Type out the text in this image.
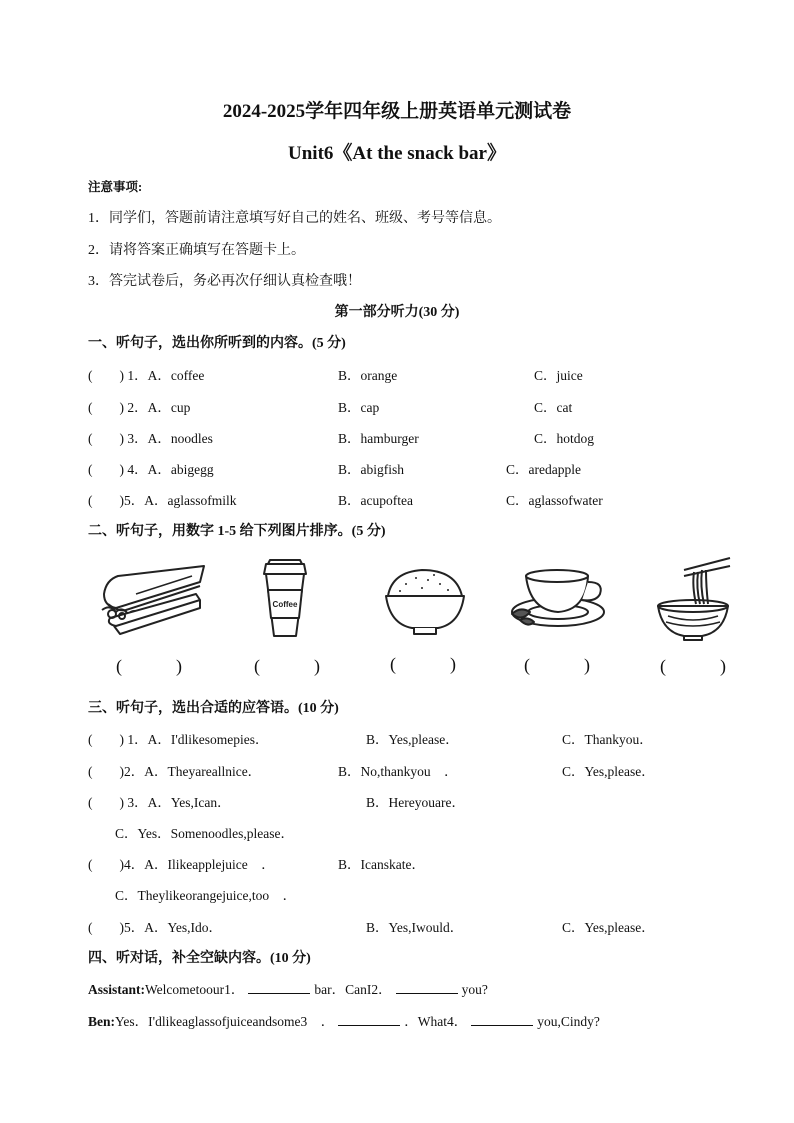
2024-2025学年四年级上册英语单元测试卷
Unit6《At the snack bar》
注意事项:
1．同学们，答题前请注意填写好自己的姓名、班级、考号等信息。
2．请将答案正确填写在答题卡上。
3．答完试卷后，务必再次仔细认真检查哦！
第一部分听力(30 分)
一、听句子，选出你所听到的内容。(5 分)
(　　) 1．A．coffee	B．orange	C．juice
(　　) 2．A．cup	B．cap	C．cat
(　　) 3．A．noodles	B．hamburger	C．hotdog
(　　) 4．A．abigegg	B．abigfish	C．aredapple
(　　)5．A．aglassofmilk	B．acupoftea	C．aglassofwater
二、听句子，用数字 1-5 给下列图片排序。(5 分)
(　　　)
Coffee
(　　　)	(　　　)	(　　　)	(　　　)
三、听句子，选出合适的应答语。(10 分)
(　　) 1．A．I'dlikesomepies．	B．Yes,please．	C．Thankyou．
(　　)2．A．Theyareallnice．	B．No,thankyou　．	C．Yes,please．
(　　) 3．A．Yes,Ican．	B．Hereyouare．
C．Yes．Somenoodles,please．
(　　)4．A．Ilikeapplejuice　．	B．Icanskate．
C．Theylikeorangejuice,too　．
(　　)5．A．Yes,Ido．	B．Yes,Iwould．	C．Yes,please．
四、听对话，补全空缺内容。(10 分)
Assistant:Welcometoour1．	bar．CanI2．	you?
Ben:Yes．I'dlikeaglassofjuiceandsome3　．	．What4．	you,Cindy?
